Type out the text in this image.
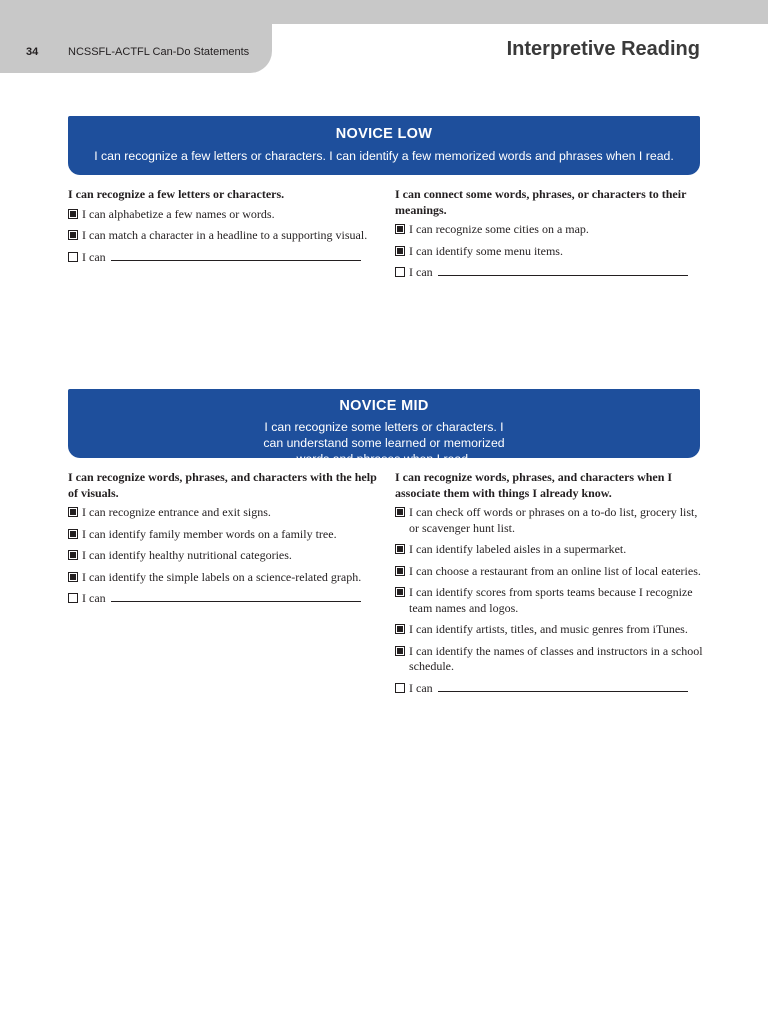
34	NCSSFL-ACTFL Can-Do Statements	Interpretive Reading
NOVICE LOW
I can recognize a few letters or characters. I can identify a few memorized words and phrases when I read.
I can recognize a few letters or characters.
I can alphabetize a few names or words.
I can match a character in a headline to a supporting visual.
I can
I can connect some words, phrases, or characters to their meanings.
I can recognize some cities on a map.
I can identify some menu items.
I can
NOVICE MID
I can recognize some letters or characters. I can understand some learned or memorized words and phrases when I read.
I can recognize words, phrases, and characters with the help of visuals.
I can recognize entrance and exit signs.
I can identify family member words on a family tree.
I can identify healthy nutritional categories.
I can identify the simple labels on a science-related graph.
I can
I can recognize words, phrases, and characters when I associate them with things I already know.
I can check off words or phrases on a to-do list, grocery list, or scavenger hunt list.
I can identify labeled aisles in a supermarket.
I can choose a restaurant from an online list of local eateries.
I can identify scores from sports teams because I recognize team names and logos.
I can identify artists, titles, and music genres from iTunes.
I can identify the names of classes and instructors in a school schedule.
I can
